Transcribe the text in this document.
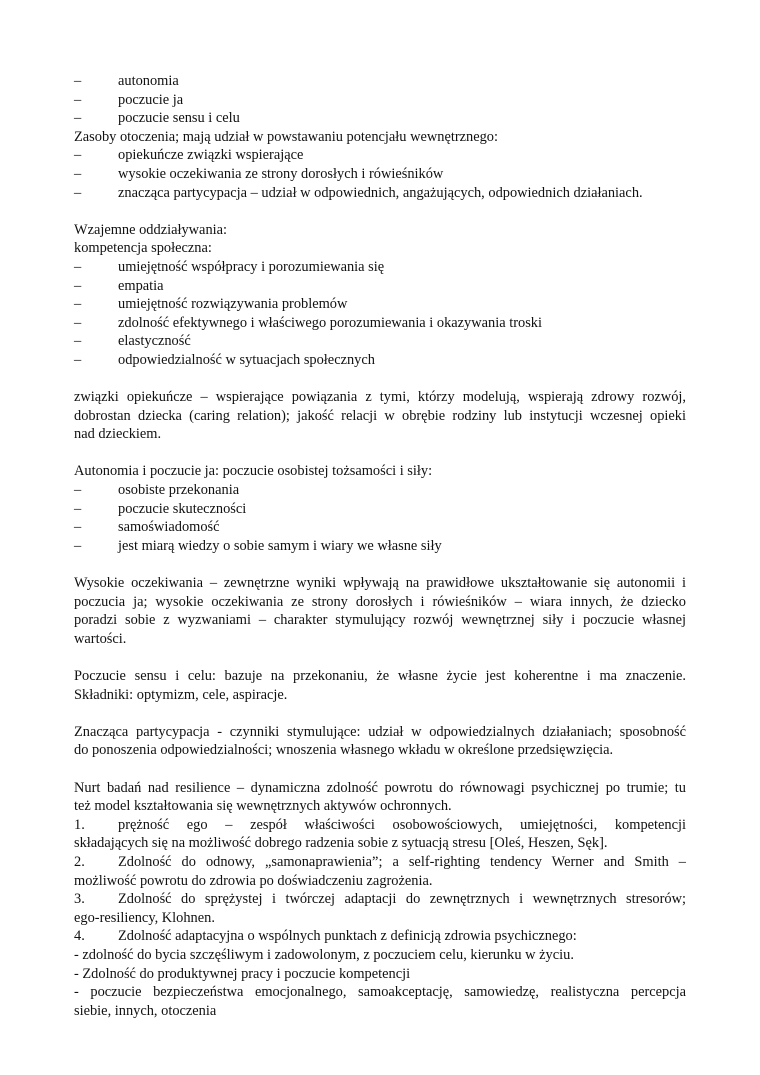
–	autonomia
–	poczucie ja
–	poczucie sensu i celu
Zasoby otoczenia; mają udział w powstawaniu potencjału wewnętrznego:
–	opiekuńcze związki wspierające
–	wysokie oczekiwania ze strony dorosłych i rówieśników
–	znacząca partycypacja – udział w odpowiednich, angażujących, odpowiednich działaniach.
Wzajemne oddziaływania:
kompetencja społeczna:
–	umiejętność współpracy i porozumiewania się
–	empatia
–	umiejętność rozwiązywania problemów
–	zdolność efektywnego i właściwego porozumiewania i okazywania troski
–	elastyczność
–	odpowiedzialność w sytuacjach społecznych
związki opiekuńcze – wspierające powiązania z tymi, którzy modelują, wspierają zdrowy rozwój,
dobrostan dziecka (caring relation); jakość relacji w obrębie rodziny lub instytucji wczesnej opieki
nad dzieckiem.
Autonomia i poczucie ja: poczucie osobistej tożsamości i siły:
–	osobiste przekonania
–	poczucie skuteczności
–	samoświadomość
–	jest miarą wiedzy o sobie samym i wiary we własne siły
Wysokie oczekiwania – zewnętrzne wyniki wpływają na prawidłowe ukształtowanie się autonomii i
poczucia ja; wysokie oczekiwania ze strony dorosłych i rówieśników – wiara innych, że dziecko
poradzi sobie z wyzwaniami – charakter stymulujący rozwój wewnętrznej siły i poczucie własnej
wartości.
Poczucie sensu i celu: bazuje na przekonaniu, że własne życie jest koherentne i ma znaczenie.
Składniki: optymizm, cele, aspiracje.
Znacząca partycypacja - czynniki stymulujące: udział w odpowiedzialnych działaniach; sposobność
do ponoszenia odpowiedzialności; wnoszenia własnego wkładu w określone przedsięwzięcia.
Nurt badań nad resilience – dynamiczna zdolność powrotu do równowagi psychicznej po trumie; tu
też model kształtowania się wewnętrznych aktywów ochronnych.
1.	prężność ego – zespół właściwości osobowościowych, umiejętności, kompetencji
składających się na możliwość dobrego radzenia sobie z sytuacją stresu [Oleś, Heszen, Sęk].
2.	Zdolność do odnowy, „samonaprawienia”; a self-righting tendency Werner and Smith –
możliwość powrotu do zdrowia po doświadczeniu zagrożenia.
3.	Zdolność do sprężystej i twórczej adaptacji do zewnętrznych i wewnętrznych stresorów;
ego-resiliency, Klohnen.
4.	Zdolność adaptacyjna o wspólnych punktach z definicją zdrowia psychicznego:
- zdolność do bycia szczęśliwym i zadowolonym, z poczuciem celu, kierunku w życiu.
- Zdolność do produktywnej pracy i poczucie kompetencji
- poczucie bezpieczeństwa emocjonalnego, samoakceptację, samowiedzę, realistyczna percepcja
siebie, innych, otoczenia
